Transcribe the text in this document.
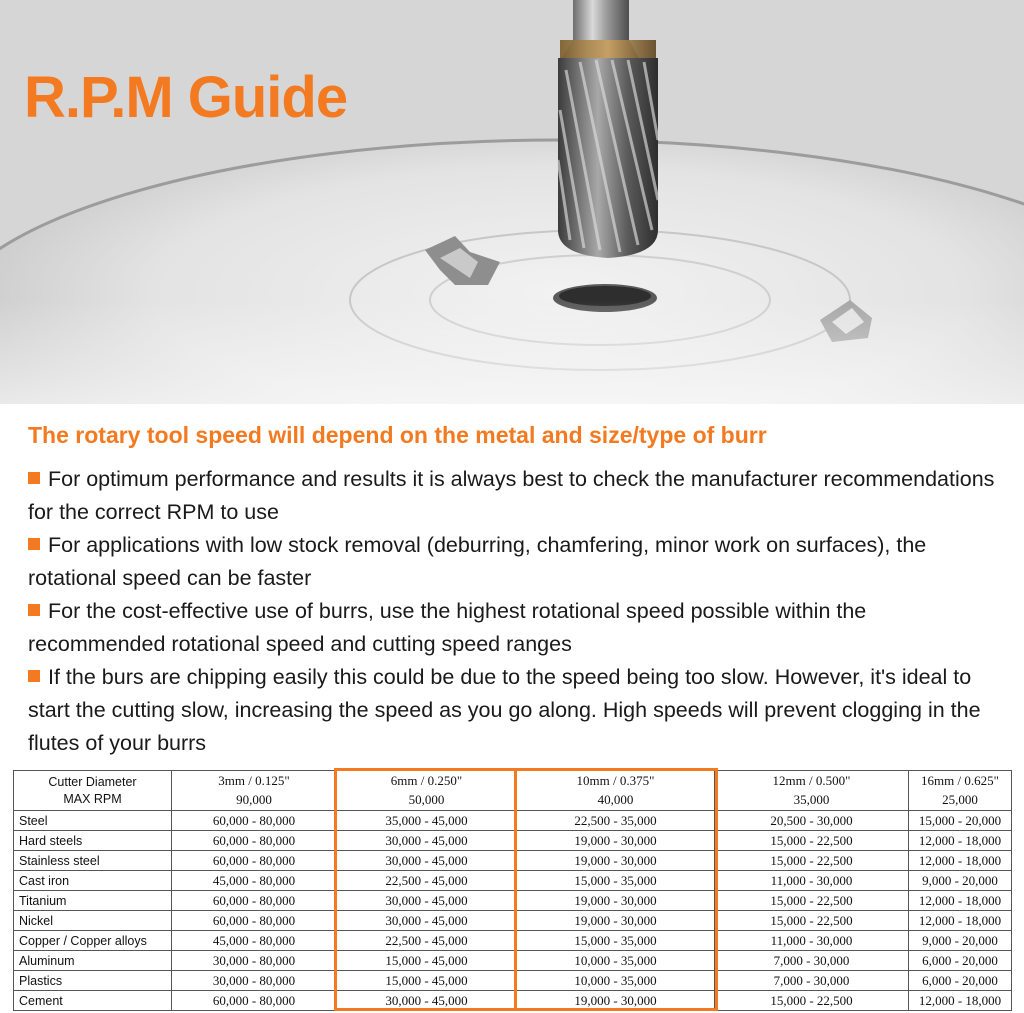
R.P.M Guide
The rotary tool speed will depend on the metal and size/type of burr
For optimum performance and results it is always best to check the manufacturer recommendations for the correct RPM to use
For applications with low stock removal (deburring, chamfering, minor work on surfaces), the rotational speed can be faster
For the cost-effective use of burrs, use the highest rotational speed possible within the recommended rotational speed and cutting speed ranges
If the burs are chipping easily this could be due to the speed being too slow. However, it's ideal to start the cutting slow, increasing the speed as you go along. High speeds will prevent clogging in the flutes of your burrs
Cutter Diameter
MAX RPM	3mm / 0.125"	6mm / 0.250"	10mm / 0.375"	12mm / 0.500"	16mm / 0.625"
	90,000	50,000	40,000	35,000	25,000
Steel	60,000 - 80,000	35,000 - 45,000	22,500 - 35,000	20,500 - 30,000	15,000 - 20,000
Hard steels	60,000 - 80,000	30,000 - 45,000	19,000 - 30,000	15,000 - 22,500	12,000 - 18,000
Stainless steel	60,000 - 80,000	30,000 - 45,000	19,000 - 30,000	15,000 - 22,500	12,000 - 18,000
Cast iron	45,000 - 80,000	22,500 - 45,000	15,000 - 35,000	11,000 - 30,000	9,000 - 20,000
Titanium	60,000 - 80,000	30,000 - 45,000	19,000 - 30,000	15,000 - 22,500	12,000 - 18,000
Nickel	60,000 - 80,000	30,000 - 45,000	19,000 - 30,000	15,000 - 22,500	12,000 - 18,000
Copper / Copper alloys	45,000 - 80,000	22,500 - 45,000	15,000 - 35,000	11,000 - 30,000	9,000 - 20,000
Aluminum	30,000 - 80,000	15,000 - 45,000	10,000 - 35,000	7,000 - 30,000	6,000 - 20,000
Plastics	30,000 - 80,000	15,000 - 45,000	10,000 - 35,000	7,000 - 30,000	6,000 - 20,000
Cement	60,000 - 80,000	30,000 - 45,000	19,000 - 30,000	15,000 - 22,500	12,000 - 18,000
